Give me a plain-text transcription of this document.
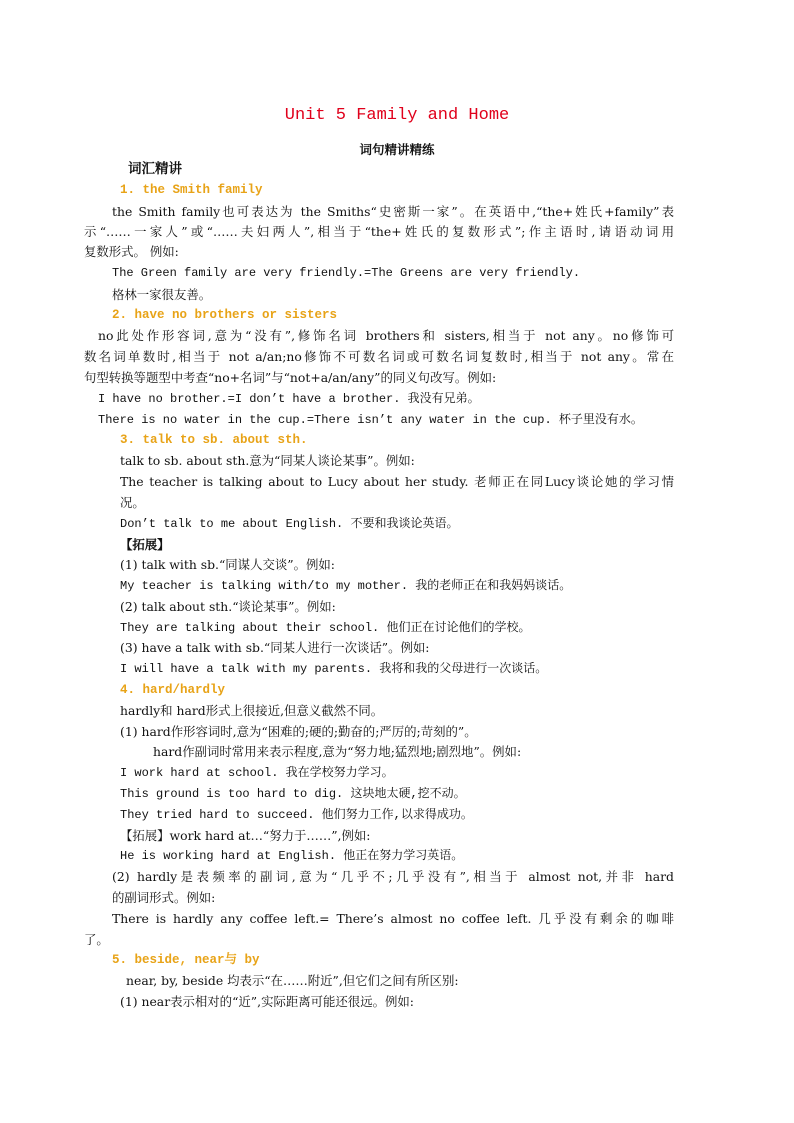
Unit 5 Family and Home
词句精讲精练
词汇精讲
1. the Smith family
the Smith family也可表达为 the Smiths“史密斯一家”。在英语中,“the+姓氏+family”表
示“……一家人”或“……夫妇两人”,相当于“the+姓氏的复数形式”;作主语时,请语动词用
复数形式。 例如:
The Green family are very friendly.=The Greens are very friendly.
格林一家很友善。
2. have no brothers or sisters
no此处作形容词,意为“没有”,修饰名词 brothers和 sisters,相当于 not any。no修饰可
数名词单数时,相当于 not a/an;no修饰不可数名词或可数名词复数时,相当于 not any。常在
句型转换等题型中考查“no+名词”与“not+a/an/any”的同义句改写。例如:
I have no brother.=I don’t have a brother. 我没有兄弟。
There is no water in the cup.=There isn’t any water in the cup. 杯子里没有水。
3. talk to sb. about sth.
talk to sb. about sth.意为“同某人谈论某事”。例如:
The teacher is talking about to Lucy about her study. 老师正在同Lucy谈论她的学习情
况。
Don’t talk to me about English. 不要和我谈论英语。
【拓展】
(1) talk with sb.“同谋人交谈”。例如:
My teacher is talking with/to my mother. 我的老师正在和我妈妈谈话。
(2) talk about sth.“谈论某事”。例如:
They are talking about their school. 他们正在讨论他们的学校。
(3) have a talk with sb.“同某人进行一次谈话”。例如:
I will have a talk with my parents. 我将和我的父母进行一次谈话。
4. hard/hardly
hardly和 hard形式上很接近,但意义截然不同。
(1) hard作形容词时,意为“困难的;硬的;勤奋的;严厉的;苛刻的”。
hard作副词时常用来表示程度,意为“努力地;猛烈地;剧烈地”。例如:
I work hard at school. 我在学校努力学习。
This ground is too hard to dig. 这块地太硬,挖不动。
They tried hard to succeed. 他们努力工作,以求得成功。
【拓展】work hard at…“努力于……”,例如:
He is working hard at English. 他正在努力学习英语。
(2) hardly是表频率的副词,意为“几乎不;几乎没有”,相当于 almost not,并非 hard
的副词形式。例如:
There is hardly any coffee left.= There’s almost no coffee left. 几乎没有剩余的咖啡
了。
5. beside, near与 by
near, by, beside 均表示“在……附近”,但它们之间有所区别:
(1) near表示相对的“近”,实际距离可能还很远。例如:
